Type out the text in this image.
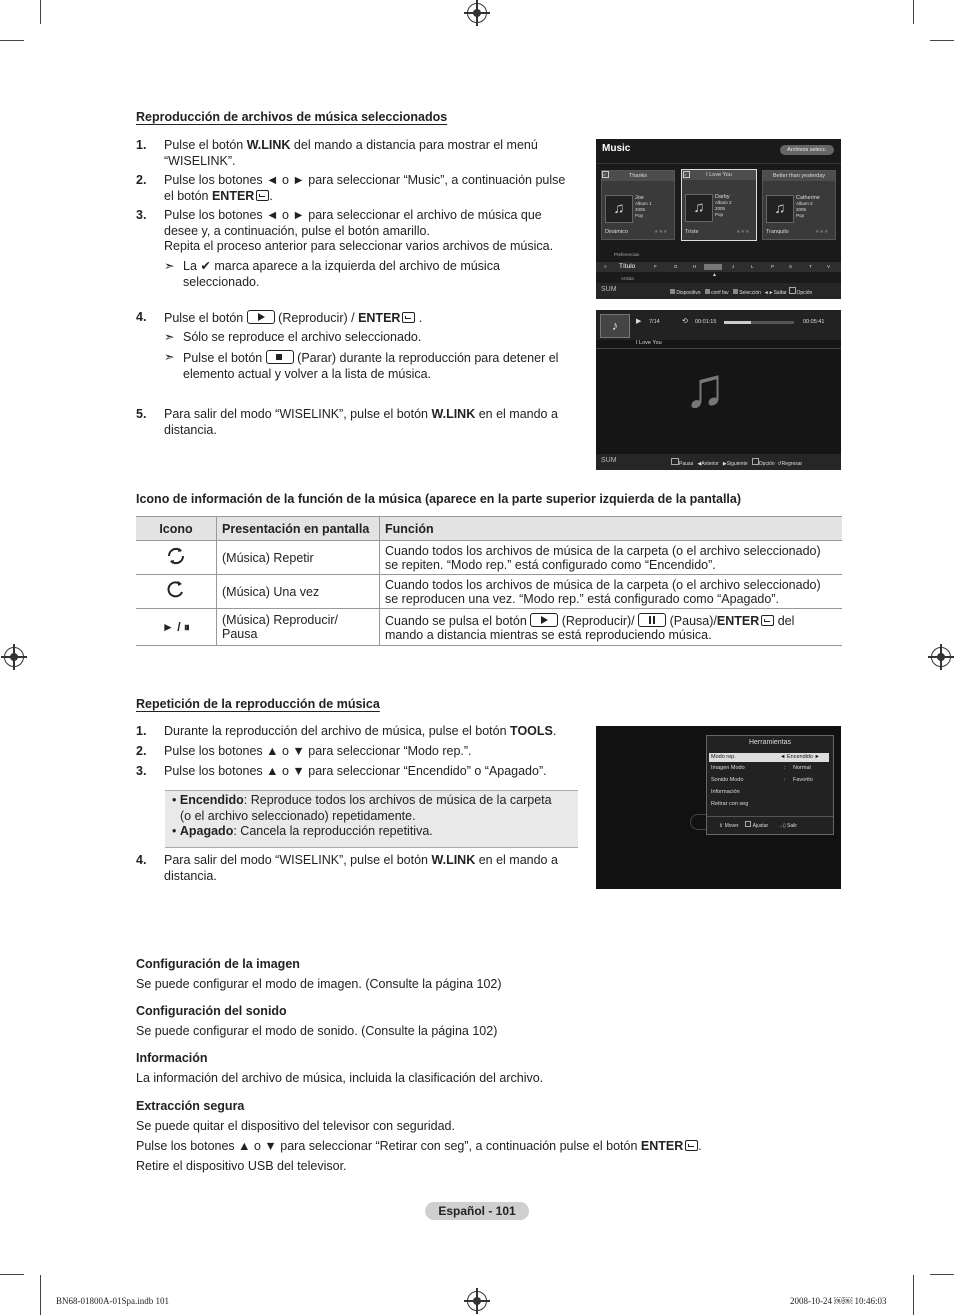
Reproducción de archivos de música seleccionados
1. Pulse el botón W.LINK del mando a distancia para mostrar el menú
“WISELINK”.
2. Pulse los botones ◄ o ► para seleccionar “Music”, a continuación pulse
el botón ENTER .
3. Pulse los botones ◄ o ► para seleccionar el archivo de música que
desee y, a continuación, pulse el botón amarillo.
Repita el proceso anterior para seleccionar varios archivos de música.
➣ La ✔ marca aparece a la izquierda del archivo de música
seleccionado.
4. Pulse el botón  (Reproducir) / ENTER .
➣ Sólo se reproduce el archivo seleccionado.
➣ Pulse el botón  (Parar) durante la reproducción para detener el
elemento actual y volver a la lista de música.
5. Para salir del modo “WISELINK”, pulse el botón W.LINK en el mando a
distancia.
Music	Archivos selecc.
Thanks
♫
Joe
Album 1
2005
Pop
Dinámico	★★★
✓	I Love You
♫
Darby
Album 2
2005
Pop
Triste	★★★
✓	Better than yesterday
♫
Catherine
Album 3
2005
Pop
Tranquilo	★★★
Preferencias
≡ Título	F	G	H	J	L	P	S	T	V
▲
Artista
SUM	Dispositivo conf fav Selección ◄►Saltar Opción
♪	▶ 7/14	⟲ 00:01:15	00:05:41
I Love You
♫
SUM	Pausa ◀Anterior ▶Siguiente Opción ↺Regresar
Icono de información de la función de la música (aparece en la parte superior izquierda de la pantalla)
Icono	Presentación en pantalla	Función
	(Música) Repetir	Cuando todos los archivos de música de la carpeta (o el archivo seleccionado)
se repiten. “Modo rep.” está configurado como “Encendido”.
	(Música) Una vez	Cuando todos los archivos de música de la carpeta (o el archivo seleccionado)
se reproducen una vez. “Modo rep.” está configurado como “Apagado”.
► / ⏸	(Música) Reproducir/
Pausa	Cuando se pulsa el botón  (Reproducir)/  (Pausa)/ENTER del
mando a distancia mientras se está reproduciendo música.
Repetición de la reproducción de música
1. Durante la reproducción del archivo de música, pulse el botón TOOLS.
2. Pulse los botones ▲ o ▼ para seleccionar “Modo rep.”.
3. Pulse los botones ▲ o ▼ para seleccionar “Encendido” o “Apagado”.
• Encendido: Reproduce todos los archivos de música de la carpeta
(o el archivo seleccionado) repetidamente.
• Apagado: Cancela la reproducción repetitiva.
4. Para salir del modo “WISELINK”, pulse el botón W.LINK en el mando a
distancia.
Herramientas
Modo rep.	◄ Encendido ►
Imagen Modo	: Normal
Sonido Modo	: Favorito
Información
Retirar con seg
⇕ Mover	Ajustar →▯ Salir
Configuración de la imagen
Se puede configurar el modo de imagen. (Consulte la página 102)
Configuración del sonido
Se puede configurar el modo de sonido. (Consulte la página 102)
Información
La información del archivo de música, incluida la clasificación del archivo.
Extracción segura
Se puede quitar el dispositivo del televisor con seguridad.
Pulse los botones ▲ o ▼ para seleccionar “Retirar con seg”, a continuación pulse el botón ENTER .
Retire el dispositivo USB del televisor.
Español - 101
BN68-01800A-01Spa.indb 101	2008-10-24 ￼￼ 10:46:03
